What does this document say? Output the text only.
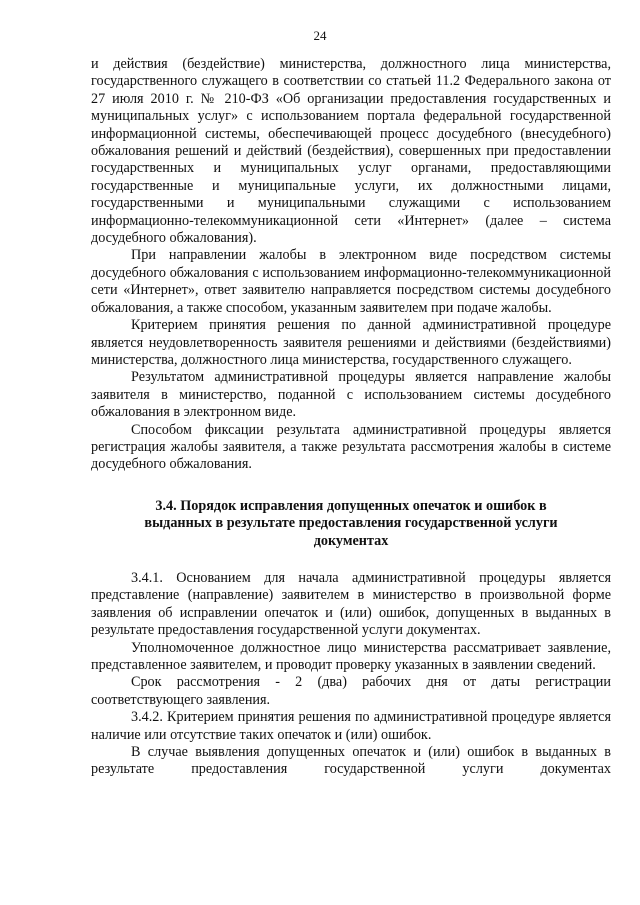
24

и действия (бездействие) министерства, должностного лица министерства, государственного служащего в соответствии со статьей 11.2 Федерального закона от 27 июля 2010 г. № 210-ФЗ «Об организации предоставления государственных и муниципальных услуг» с использованием портала федеральной государственной информационной системы, обеспечивающей процесс досудебного (внесудебного) обжалования решений и действий (бездействия), совершенных при предоставлении государственных и муниципальных услуг органами, предоставляющими государственные и муниципальные услуги, их должностными лицами, государственными и муниципальными служащими с использованием информационно-телекоммуникационной сети «Интернет» (далее – система досудебного обжалования).

При направлении жалобы в электронном виде посредством системы досудебного обжалования с использованием информационно-телекоммуникационной сети «Интернет», ответ заявителю направляется посредством системы досудебного обжалования, а также способом, указанным заявителем при подаче жалобы.

Критерием принятия решения по данной административной процедуре является неудовлетворенность заявителя решениями и действиями (бездействиями) министерства, должностного лица министерства, государственного служащего.

Результатом административной процедуры является направление жалобы заявителя в министерство, поданной с использованием системы досудебного обжалования в электронном виде.

Способом фиксации результата административной процедуры является регистрация жалобы заявителя, а также результата рассмотрения жалобы в системе досудебного обжалования.

3.4. Порядок исправления допущенных опечаток и ошибок в выданных в результате предоставления государственной услуги документах

3.4.1. Основанием для начала административной процедуры является представление (направление) заявителем в министерство в произвольной форме заявления об исправлении опечаток и (или) ошибок, допущенных в выданных в результате предоставления государственной услуги документах.

Уполномоченное должностное лицо министерства рассматривает заявление, представленное заявителем, и проводит проверку указанных в заявлении сведений.

Срок рассмотрения - 2 (два) рабочих дня от даты регистрации соответствующего заявления.

3.4.2. Критерием принятия решения по административной процедуре является наличие или отсутствие таких опечаток и (или) ошибок.

В случае выявления допущенных опечаток и (или) ошибок в выданных в результате предоставления государственной услуги документах
